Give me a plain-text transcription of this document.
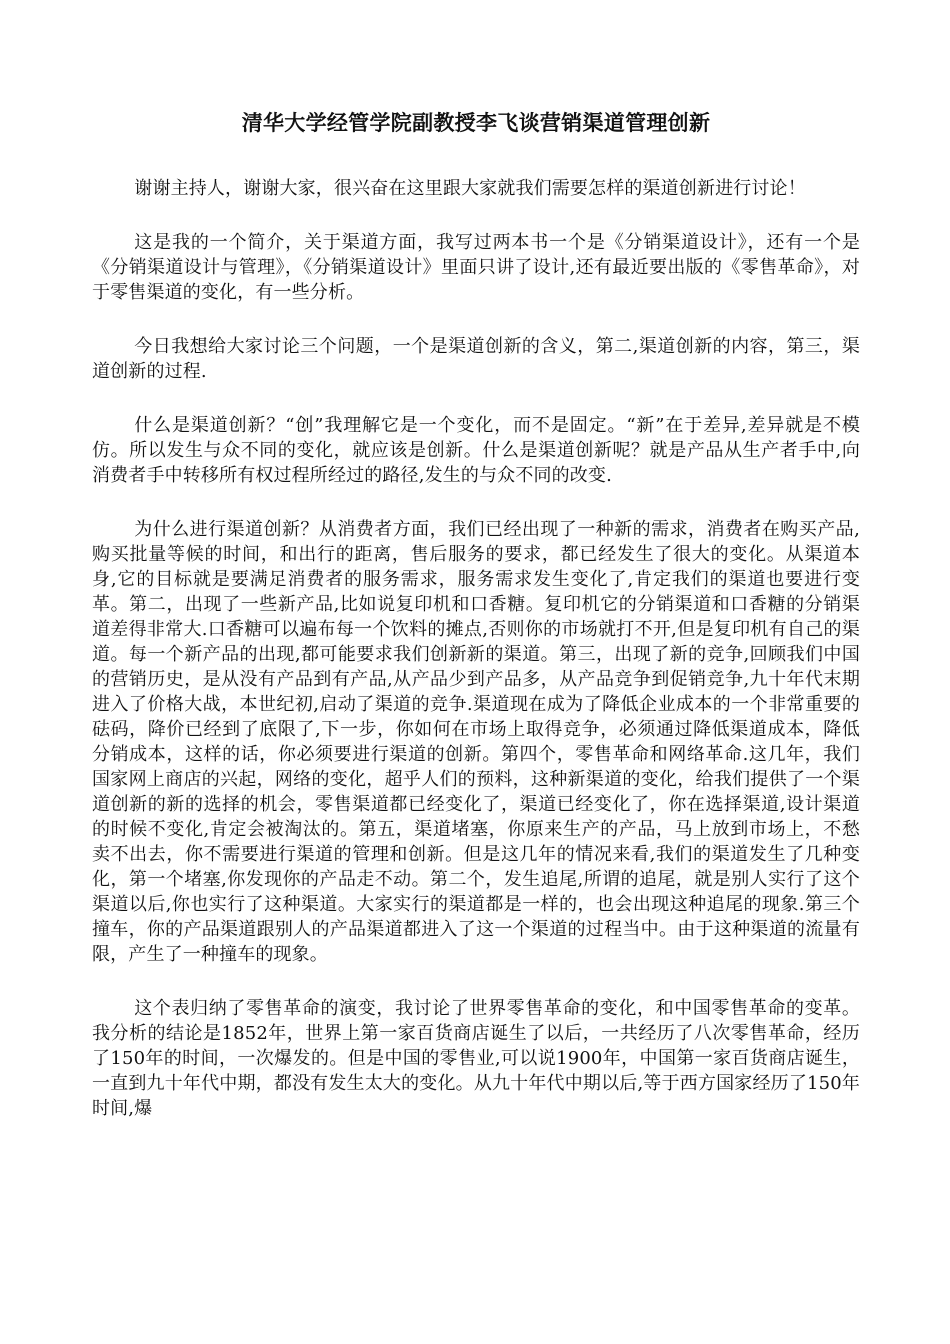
清华大学经管学院副教授李飞谈营销渠道管理创新

谢谢主持人，谢谢大家，很兴奋在这里跟大家就我们需要怎样的渠道创新进行讨论！

这是我的一个简介，关于渠道方面，我写过两本书一个是《分销渠道设计》，还有一个是《分销渠道设计与管理》，《分销渠道设计》里面只讲了设计,还有最近要出版的《零售革命》，对于零售渠道的变化，有一些分析。

今日我想给大家讨论三个问题，一个是渠道创新的含义，第二,渠道创新的内容，第三，渠道创新的过程.

什么是渠道创新？“创”我理解它是一个变化，而不是固定。“新”在于差异,差异就是不模仿。所以发生与众不同的变化，就应该是创新。什么是渠道创新呢？就是产品从生产者手中,向消费者手中转移所有权过程所经过的路径,发生的与众不同的改变.

为什么进行渠道创新？从消费者方面，我们已经出现了一种新的需求，消费者在购买产品,购买批量等候的时间，和出行的距离，售后服务的要求，都已经发生了很大的变化。从渠道本身,它的目标就是要满足消费者的服务需求，服务需求发生变化了,肯定我们的渠道也要进行变革。第二，出现了一些新产品,比如说复印机和口香糖。复印机它的分销渠道和口香糖的分销渠道差得非常大.口香糖可以遍布每一个饮料的摊点,否则你的市场就打不开,但是复印机有自己的渠道。每一个新产品的出现,都可能要求我们创新新的渠道。第三，出现了新的竞争,回顾我们中国的营销历史，是从没有产品到有产品,从产品少到产品多，从产品竞争到促销竞争,九十年代末期进入了价格大战，本世纪初,启动了渠道的竞争.渠道现在成为了降低企业成本的一个非常重要的砝码，降价已经到了底限了,下一步，你如何在市场上取得竞争，必须通过降低渠道成本，降低分销成本，这样的话，你必须要进行渠道的创新。第四个，零售革命和网络革命.这几年，我们国家网上商店的兴起，网络的变化，超乎人们的预料，这种新渠道的变化，给我们提供了一个渠道创新的新的选择的机会，零售渠道都已经变化了，渠道已经变化了，你在选择渠道,设计渠道的时候不变化,肯定会被淘汰的。第五，渠道堵塞，你原来生产的产品，马上放到市场上，不愁卖不出去，你不需要进行渠道的管理和创新。但是这几年的情况来看,我们的渠道发生了几种变化，第一个堵塞,你发现你的产品走不动。第二个，发生追尾,所谓的追尾，就是别人实行了这个渠道以后,你也实行了这种渠道。大家实行的渠道都是一样的，也会出现这种追尾的现象.第三个撞车，你的产品渠道跟别人的产品渠道都进入了这一个渠道的过程当中。由于这种渠道的流量有限，产生了一种撞车的现象。

这个表归纳了零售革命的演变，我讨论了世界零售革命的变化，和中国零售革命的变革。我分析的结论是1852年，世界上第一家百货商店诞生了以后，一共经历了八次零售革命，经历了150年的时间，一次爆发的。但是中国的零售业,可以说1900年，中国第一家百货商店诞生，一直到九十年代中期，都没有发生太大的变化。从九十年代中期以后,等于西方国家经历了150年时间,爆
